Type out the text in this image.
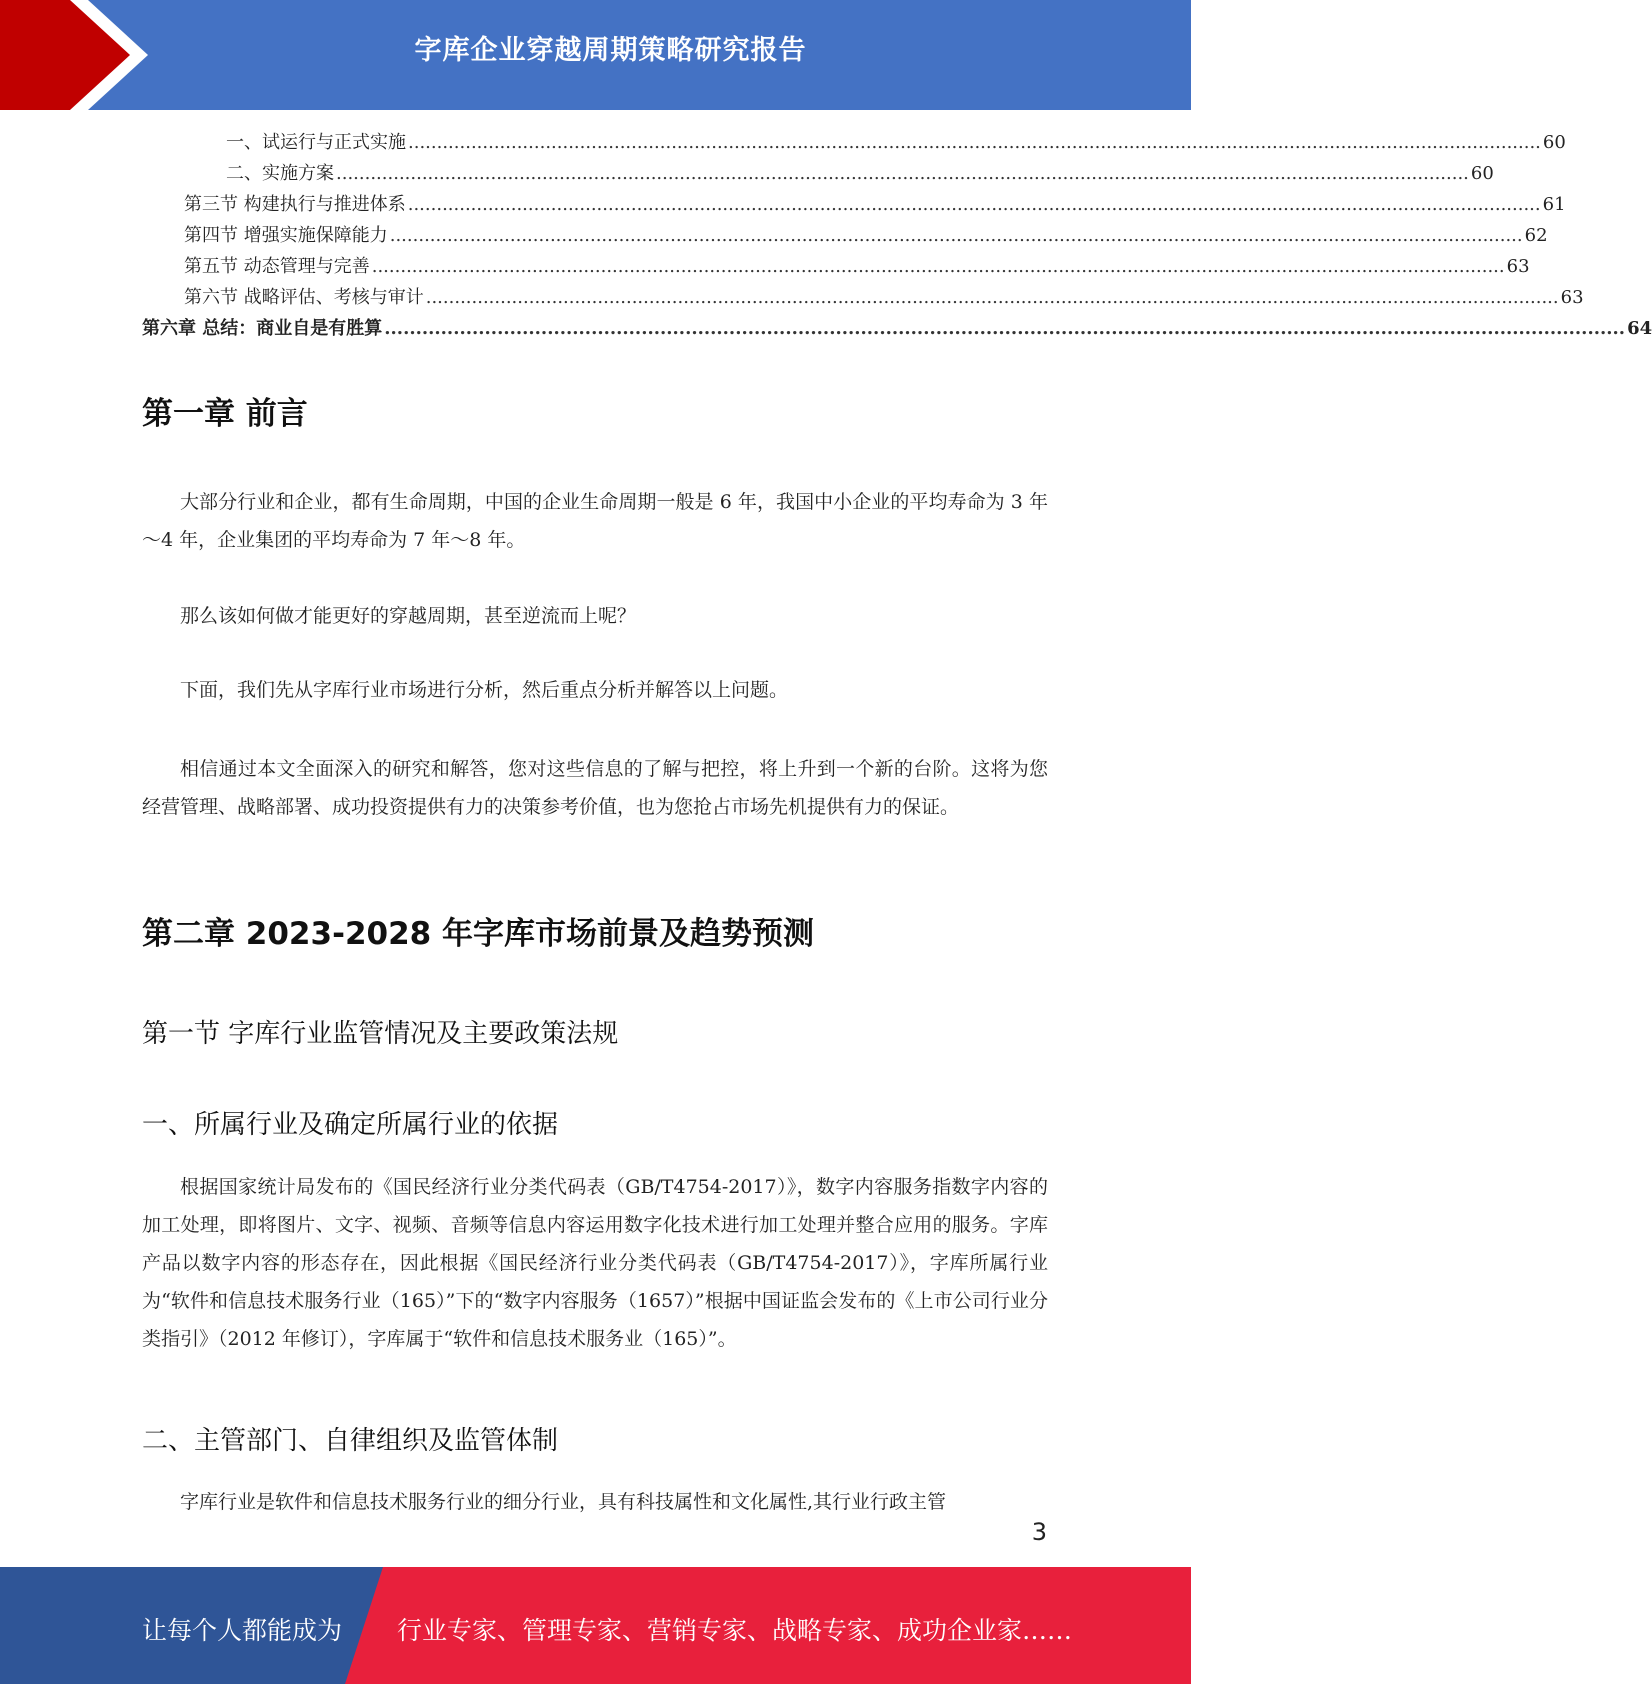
字库企业穿越周期策略研究报告
一、试运行与正式实施 ...................................................................................................................................................................................................... 60
二、实施方案 ...................................................................................................................................................................................................... 60
第三节 构建执行与推进体系 ...................................................................................................................................................................................................... 61
第四节 增强实施保障能力 ...................................................................................................................................................................................................... 62
第五节 动态管理与完善 ...................................................................................................................................................................................................... 63
第六节 战略评估、考核与审计 ...................................................................................................................................................................................................... 63
第六章 总结：商业自是有胜算 ...................................................................................................................................................................................................... 64
第一章 前言

大部分行业和企业，都有生命周期，中国的企业生命周期一般是 6 年，我国中小企业的平均寿命为 3 年～4 年，企业集团的平均寿命为 7 年～8 年。

那么该如何做才能更好的穿越周期，甚至逆流而上呢？

下面，我们先从字库行业市场进行分析，然后重点分析并解答以上问题。

相信通过本文全面深入的研究和解答，您对这些信息的了解与把控，将上升到一个新的台阶。这将为您经营管理、战略部署、成功投资提供有力的决策参考价值，也为您抢占市场先机提供有力的保证。

第二章 2023-2028 年字库市场前景及趋势预测
第一节 字库行业监管情况及主要政策法规
一、所属行业及确定所属行业的依据

根据国家统计局发布的《国民经济行业分类代码表（GB/T4754-2017）》，数字内容服务指数字内容的加工处理，即将图片、文字、视频、音频等信息内容运用数字化技术进行加工处理并整合应用的服务。字库产品以数字内容的形态存在，因此根据《国民经济行业分类代码表（GB/T4754-2017）》，字库所属行业为“软件和信息技术服务行业（165）”下的“数字内容服务（1657）”根据中国证监会发布的《上市公司行业分类指引》（2012 年修订），字库属于“软件和信息技术服务业（165）”。

二、主管部门、自律组织及监管体制

字库行业是软件和信息技术服务行业的细分行业，具有科技属性和文化属性,其行业行政主管

3
让每个人都能成为 行业专家、管理专家、营销专家、战略专家、成功企业家……
